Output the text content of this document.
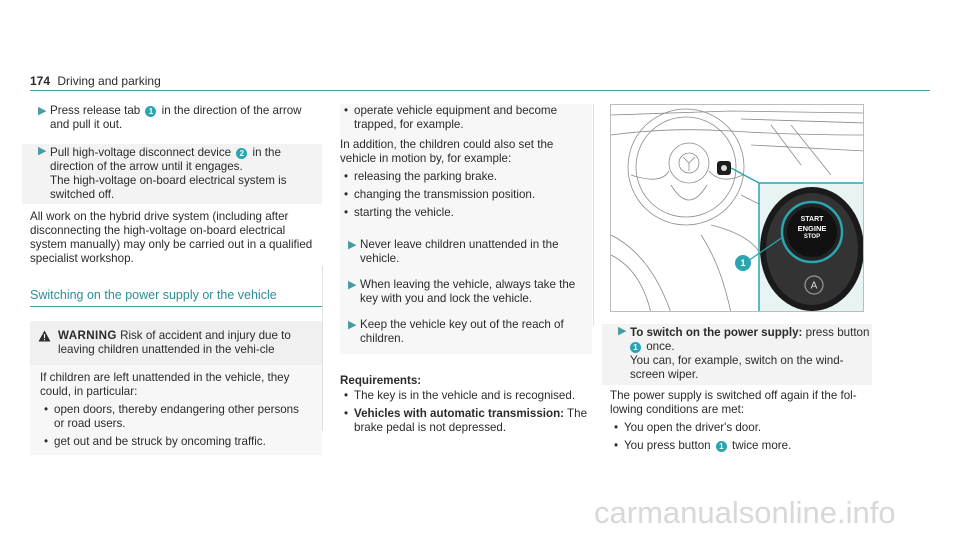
174 Driving and parking
▶ Press release tab 1 in the direction of the arrow and pull it out.
▶ Pull high-voltage disconnect device 2 in the direction of the arrow until it engages.
The high-voltage on-board electrical system is switched off.
All work on the hybrid drive system (including after disconnecting the high-voltage on-board electrical system manually) may only be carried out in a qualified specialist workshop.
Switching on the power supply or the vehicle
WARNING Risk of accident and injury due to leaving children unattended in the vehi-cle
If children are left unattended in the vehicle, they could, in particular:
• open doors, thereby endangering other persons or road users.
• get out and be struck by oncoming traffic.
• operate vehicle equipment and become trapped, for example.
In addition, the children could also set the vehicle in motion by, for example:
• releasing the parking brake.
• changing the transmission position.
• starting the vehicle.
▶ Never leave children unattended in the vehicle.
▶ When leaving the vehicle, always take the key with you and lock the vehicle.
▶ Keep the vehicle key out of the reach of children.
Requirements:
• The key is in the vehicle and is recognised.
• Vehicles with automatic transmission: The brake pedal is not depressed.
A
START
ENGINE
STOP
1
▶ To switch on the power supply: press button
1 once.
You can, for example, switch on the wind-screen wiper.
The power supply is switched off again if the fol-lowing conditions are met:
• You open the driver's door.
• You press button 1 twice more.
carmanualsonline.info
